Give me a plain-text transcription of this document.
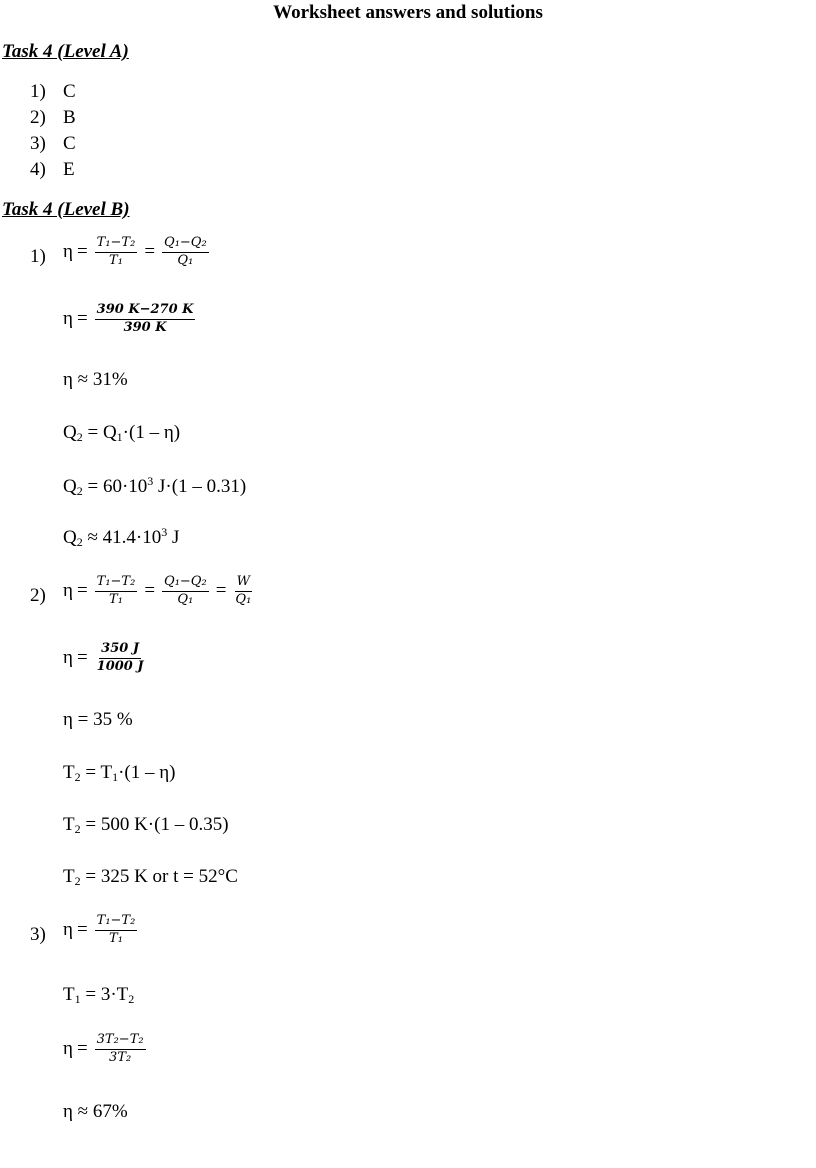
Worksheet answers and solutions
Task 4 (Level A)
1) C
2) B
3) C
4) E
Task 4 (Level B)
1) $\eta = \frac{\text{T₁−T₂}}{\text{T₁}} = \frac{\text{Q₁−Q₂}}{\text{Q₁}}$
$\eta = \frac{390 K-270 K}{390 K}$
η ≈ 31%
$Q_2 = Q_1\cdot(1 - \eta)$
$Q_2 = 60\cdot 10^3$ J·(1 – 0.31)
$Q_2 \approx 41.4\cdot 10^3$ J
2) $\eta = \frac{\text{T₁−T₂}}{\text{T₁}} = \frac{\text{Q₁−Q₂}}{\text{Q₁}} = \frac{W}{\text{Q₁}}$
$\eta = \frac{350 J}{1000 J}$
η = 35 %
$T_2 = T_1\cdot(1 - \eta)$
$T_2 = 500$ K·(1 – 0.35)
$T_2 = 325$ K or t = 52°C
3) $\eta = \frac{\text{T₁−T₂}}{\text{T₁}}$
$T_1 = 3\cdot T_2$
$\eta = \frac{\text{3T₂−T₂}}{\text{3T₂}}$
η ≈ 67%
